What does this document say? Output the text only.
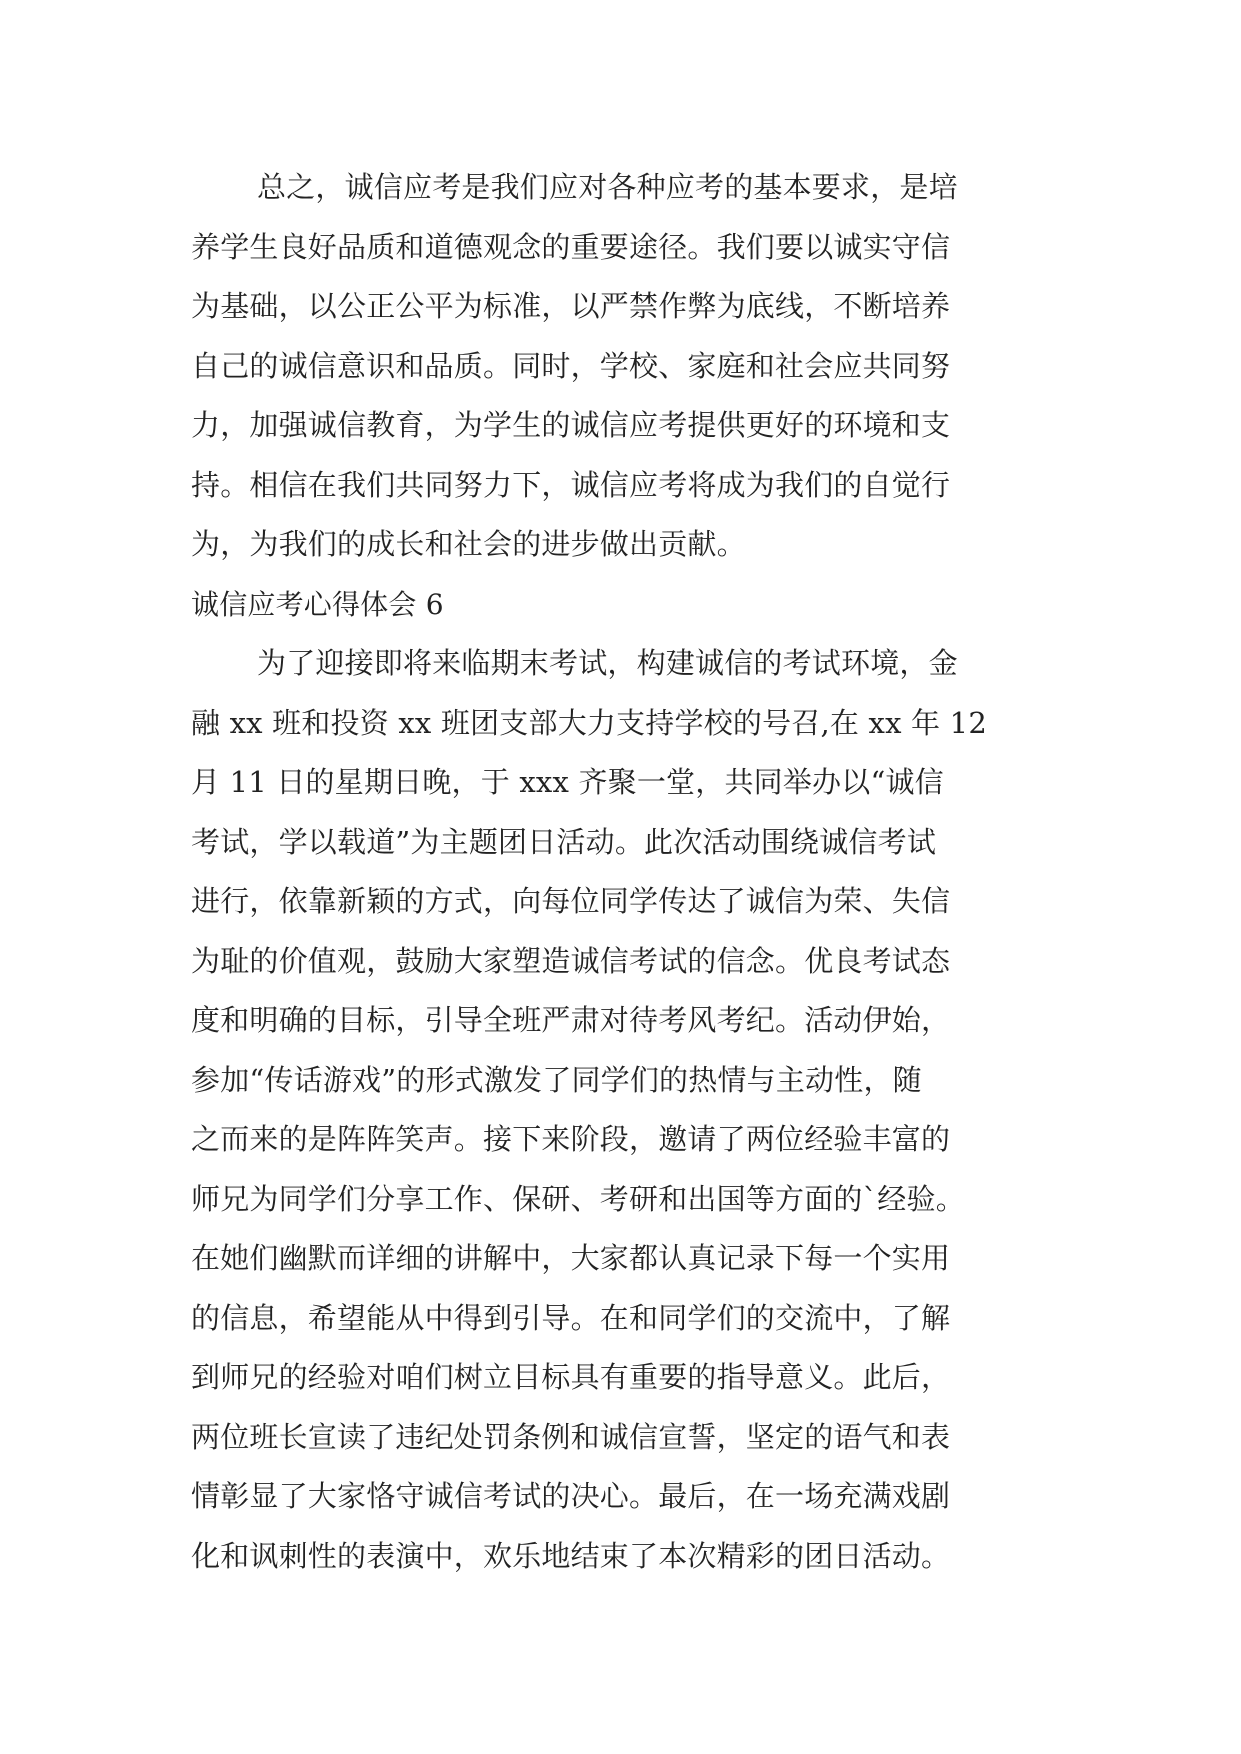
总之，诚信应考是我们应对各种应考的基本要求，是培
养学生良好品质和道德观念的重要途径。我们要以诚实守信
为基础，以公正公平为标准，以严禁作弊为底线，不断培养
自己的诚信意识和品质。同时，学校、家庭和社会应共同努
力，加强诚信教育，为学生的诚信应考提供更好的环境和支
持。相信在我们共同努力下，诚信应考将成为我们的自觉行
为，为我们的成长和社会的进步做出贡献。
诚信应考心得体会 6
为了迎接即将来临期末考试，构建诚信的考试环境，金
融 xx 班和投资 xx 班团支部大力支持学校的号召,在 xx 年 12
月 11 日的星期日晚，于 xxx 齐聚一堂，共同举办以“诚信
考试，学以载道”为主题团日活动。此次活动围绕诚信考试
进行，依靠新颖的方式，向每位同学传达了诚信为荣、失信
为耻的价值观，鼓励大家塑造诚信考试的信念。优良考试态
度和明确的目标，引导全班严肃对待考风考纪。活动伊始，
参加“传话游戏”的形式激发了同学们的热情与主动性，随
之而来的是阵阵笑声。接下来阶段，邀请了两位经验丰富的
师兄为同学们分享工作、保研、考研和出国等方面的`经验。
在她们幽默而详细的讲解中，大家都认真记录下每一个实用
的信息，希望能从中得到引导。在和同学们的交流中，了解
到师兄的经验对咱们树立目标具有重要的指导意义。此后，
两位班长宣读了违纪处罚条例和诚信宣誓，坚定的语气和表
情彰显了大家恪守诚信考试的决心。最后，在一场充满戏剧
化和讽刺性的表演中，欢乐地结束了本次精彩的团日活动。
